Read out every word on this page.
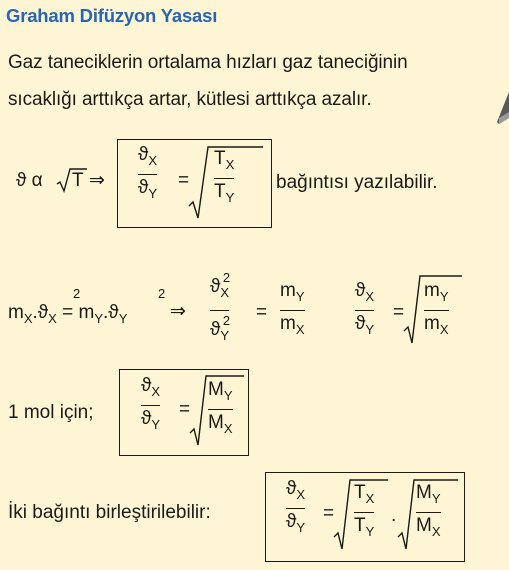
Graham Difüzyon Yasası
Gaz taneciklerin ortalama hızları gaz taneciğinin
sıcaklığı arttıkça artar, kütlesi arttıkça azalır.
ϑ α T ⇒
$ϑ_X$
$ϑ_Y$
=
$T_X$
$T_Y$
bağıntısı yazılabilir.
$m_X.ϑ_X = m_Y.ϑ_Y$
2	2
⇒
$ϑ_X$
2
$ϑ_Y$
2 =
$m_Y$
$m_X$
$ϑ_X$
$ϑ_Y$
=
$m_Y$
$m_X$
1 mol için;
$ϑ_X$
$ϑ_Y$
=
$M_Y$
$M_X$
İki bağıntı birleştirilebilir:
$ϑ_X$
$ϑ_Y$
=
$T_X$
$T_Y$
.
$M_Y$
$M_X$
